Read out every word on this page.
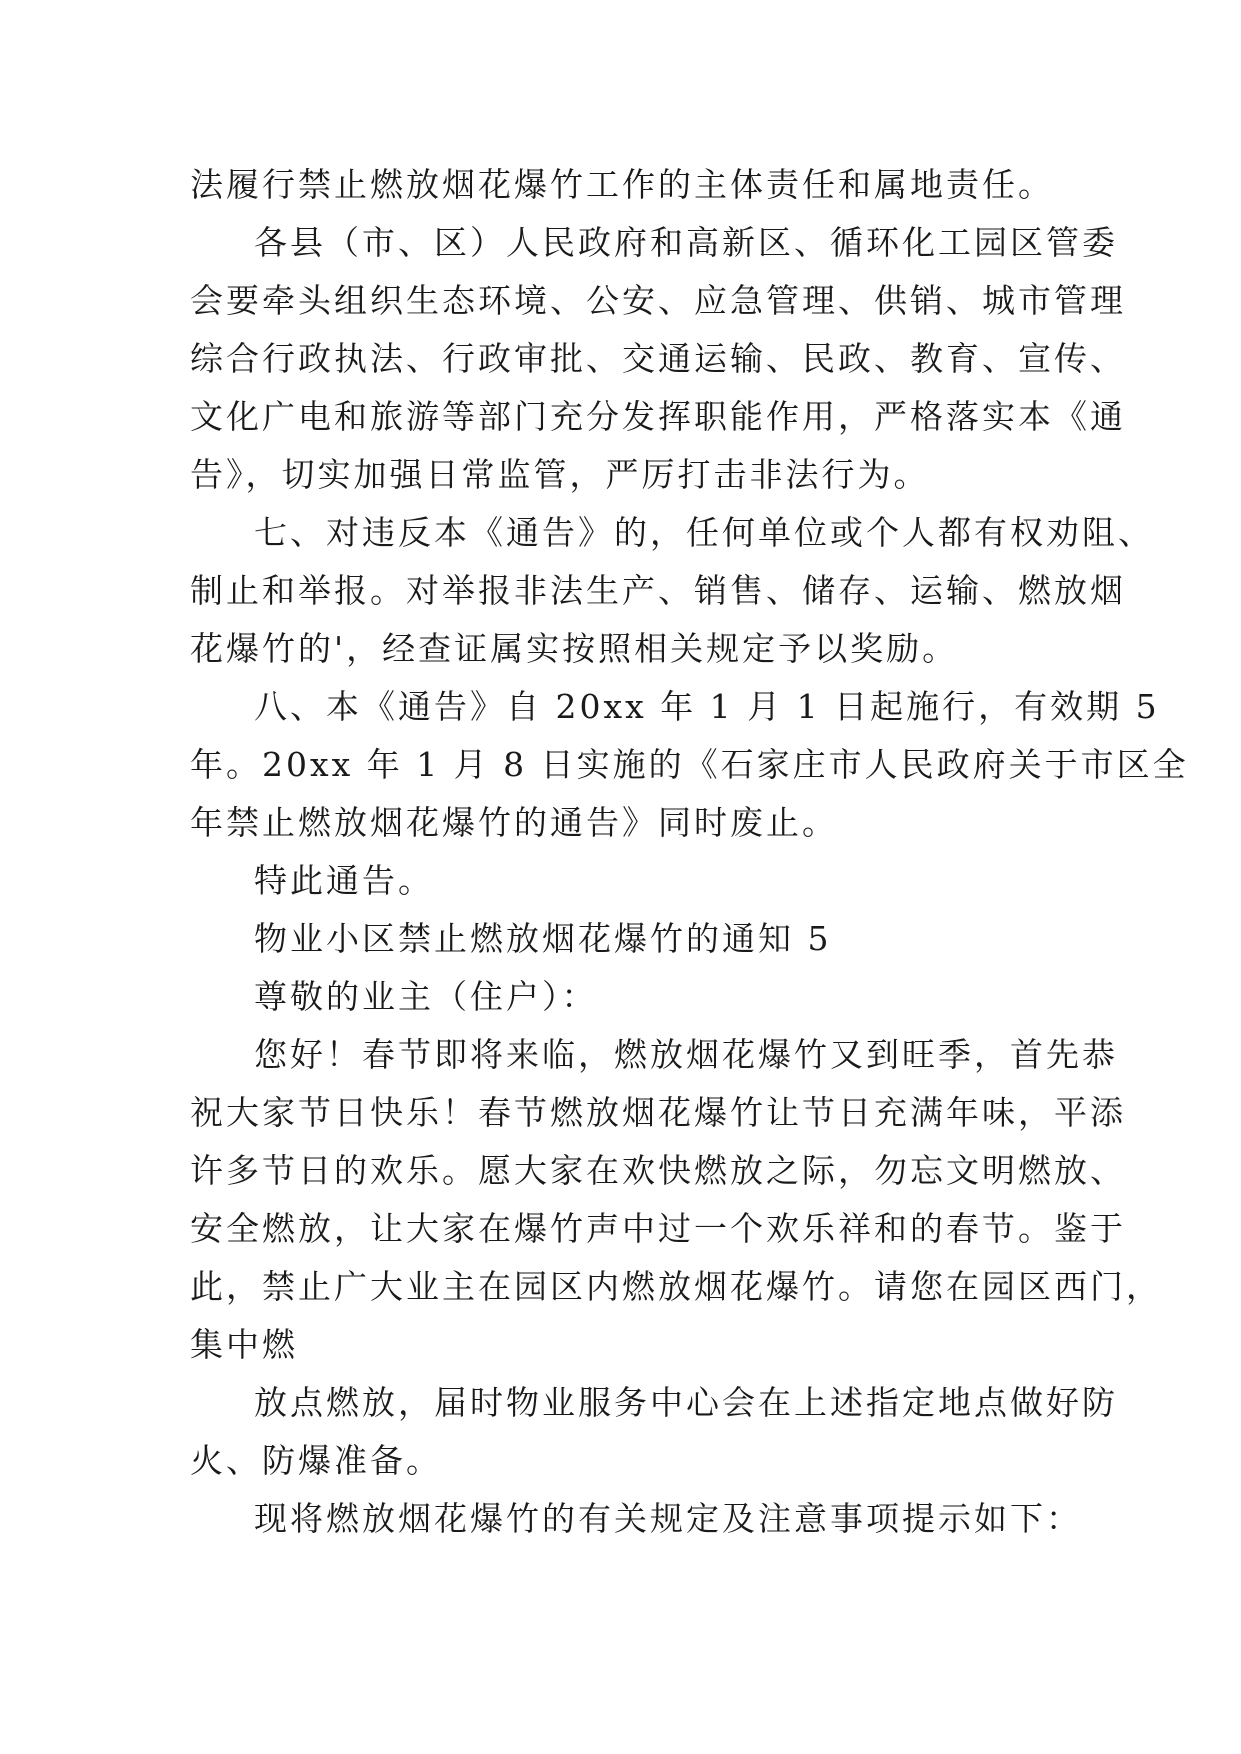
法履行禁止燃放烟花爆竹工作的主体责任和属地责任。

各县（市、区）人民政府和高新区、循环化工园区管委

会要牵头组织生态环境、公安、应急管理、供销、城市管理

综合行政执法、行政审批、交通运输、民政、教育、宣传、

文化广电和旅游等部门充分发挥职能作用，严格落实本《通

告》，切实加强日常监管，严厉打击非法行为。

七、对违反本《通告》的，任何单位或个人都有权劝阻、

制止和举报。对举报非法生产、销售、储存、运输、燃放烟

花爆竹的'，经查证属实按照相关规定予以奖励。

八、本《通告》自 20xx 年 1 月 1 日起施行，有效期 5

年。20xx 年 1 月 8 日实施的《石家庄市人民政府关于市区全

年禁止燃放烟花爆竹的通告》同时废止。

特此通告。

物业小区禁止燃放烟花爆竹的通知 5

尊敬的业主（住户）：

您好！春节即将来临，燃放烟花爆竹又到旺季，首先恭

祝大家节日快乐！春节燃放烟花爆竹让节日充满年味，平添

许多节日的欢乐。愿大家在欢快燃放之际，勿忘文明燃放、

安全燃放，让大家在爆竹声中过一个欢乐祥和的春节。鉴于

此，禁止广大业主在园区内燃放烟花爆竹。请您在园区西门，

集中燃

放点燃放，届时物业服务中心会在上述指定地点做好防

火、防爆准备。

现将燃放烟花爆竹的有关规定及注意事项提示如下：
